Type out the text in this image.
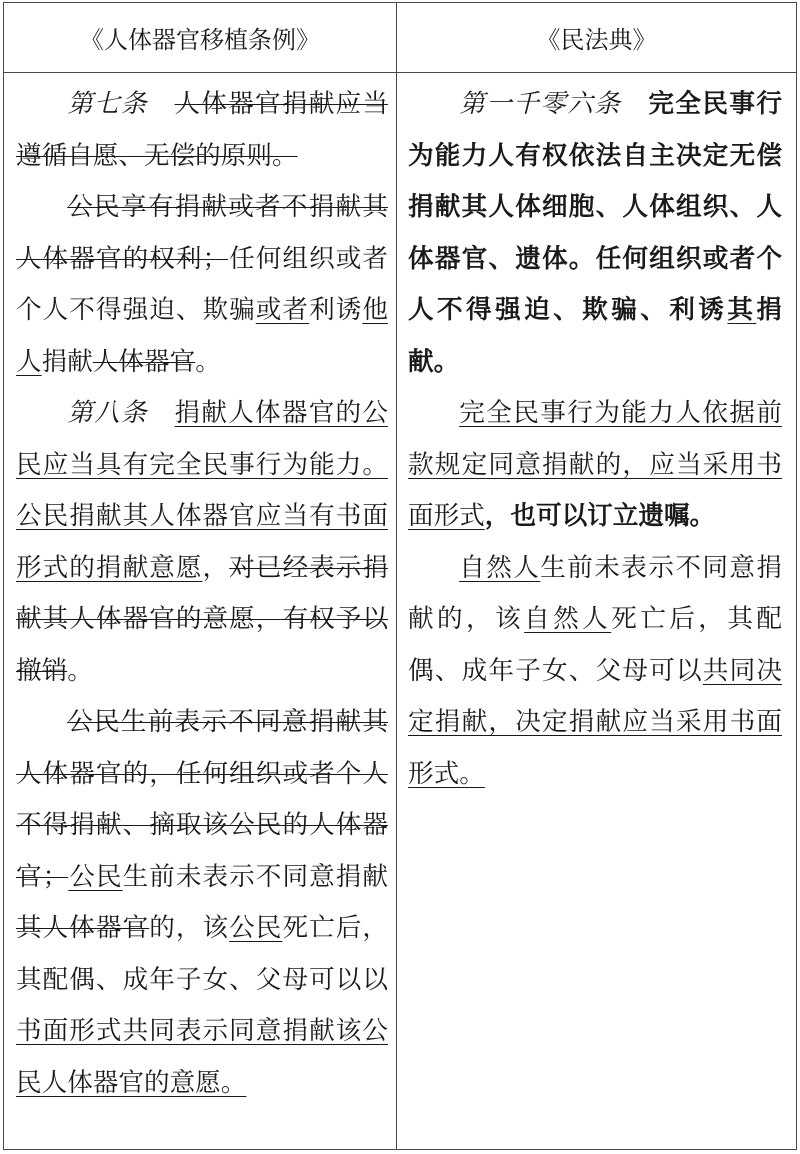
《人体器官移植条例》	《民法典》

第七条　 人体器官捐献应当遵循自愿、无偿的原则。

公民享有捐献或者不捐献其人体器官的权利；任何组织或者个人不得强迫、欺骗或者利诱他人捐献人体器官。

第八条　 捐献人体器官的公民应当具有完全民事行为能力。公民捐献其人体器官应当有书面形式的捐献意愿，对已经表示捐献其人体器官的意愿，有权予以撤销。

公民生前表示不同意捐献其人体器官的，任何组织或者个人不得捐献、摘取该公民的人体器官；公民生前未表示不同意捐献其人体器官的，该公民死亡后，其配偶、成年子女、父母可以以书面形式共同表示同意捐献该公民人体器官的意愿。

第一千零六条　 完全民事行为能力人有权依法自主决定无偿捐献其人体细胞、人体组织、人体器官、遗体。任何组织或者个人不得强迫、欺骗、利诱其捐献。

完全民事行为能力人依据前款规定同意捐献的，应当采用书面形式，也可以订立遗嘱。

自然人生前未表示不同意捐献的，该自然人死亡后，其配偶、成年子女、父母可以共同决定捐献，决定捐献应当采用书面形式。
